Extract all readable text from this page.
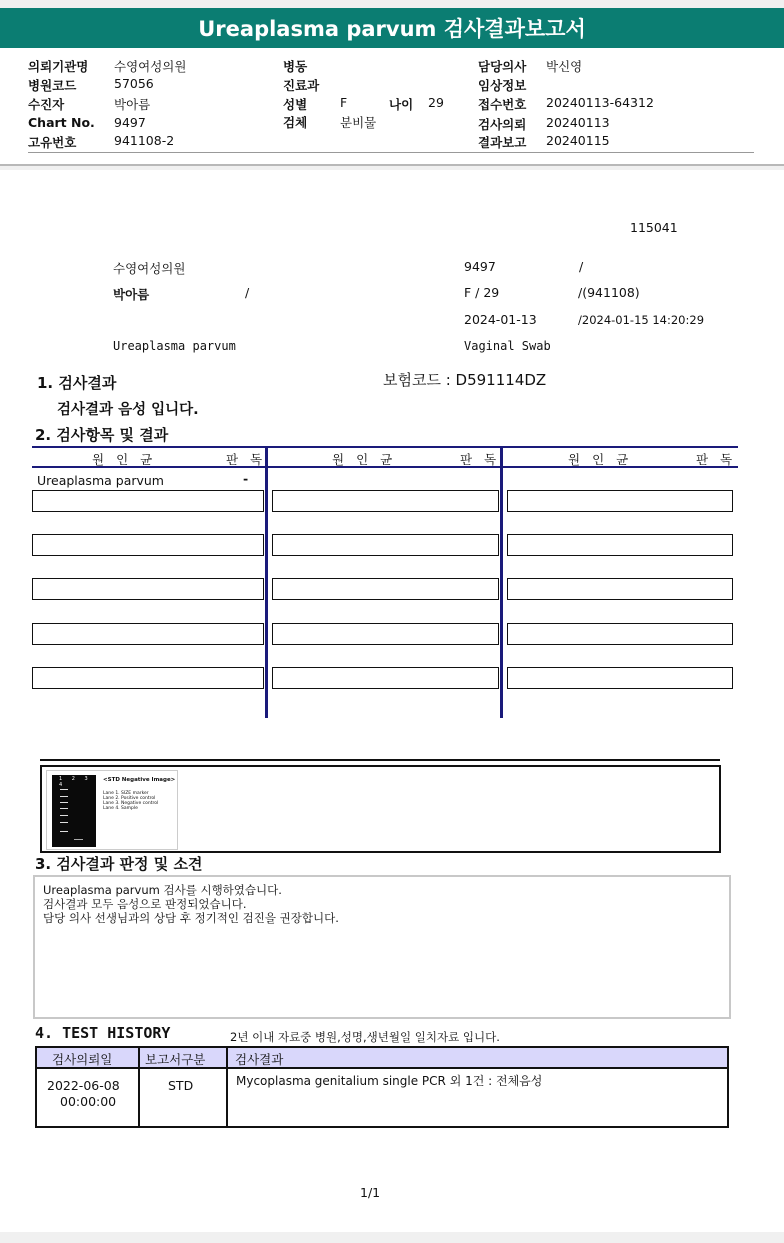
Ureaplasma parvum 검사결과보고서
의뢰기관명 수영여성의원	병동	담당의사 박신영
병원코드	57056	진료과	임상정보
수진자	박아름	성별	F	나이 29	접수번호 20240113-64312
Chart No. 9497	검체	분비물	검사의뢰 20240113
고유번호	941108-2	결과보고 20240115
115041
수영여성의원	9497	/
박아름	/	F / 29	/(941108)
2024-01-13	/2024-01-15 14:20:29
Ureaplasma parvum	Vaginal Swab
1. 검사결과	보험코드 : D591114DZ
검사결과 음성 입니다.
2. 검사항목 및 결과
원인균	판독	원인균	판독	원인균	판독
Ureaplasma parvum	-
1 2 3 4
<STD Negative Image>
Lane 1. SIZE marker
Lane 2. Positive control
Lane 3. Negative control
Lane 4. Sample
3. 검사결과 판정 및 소견
Ureaplasma parvum 검사를 시행하였습니다.
검사결과 모두 음성으로 판정되었습니다.
담당 의사 선생님과의 상담 후 정기적인 검진을 권장합니다.
4. TEST HISTORY	2년 이내 자료중 병원,성명,생년월일 일치자료 입니다.
검사의뢰일	보고서구분 검사결과
2022-06-08
00:00:00
STD	Mycoplasma genitalium single PCR 외 1건 : 전체음성
1/1
